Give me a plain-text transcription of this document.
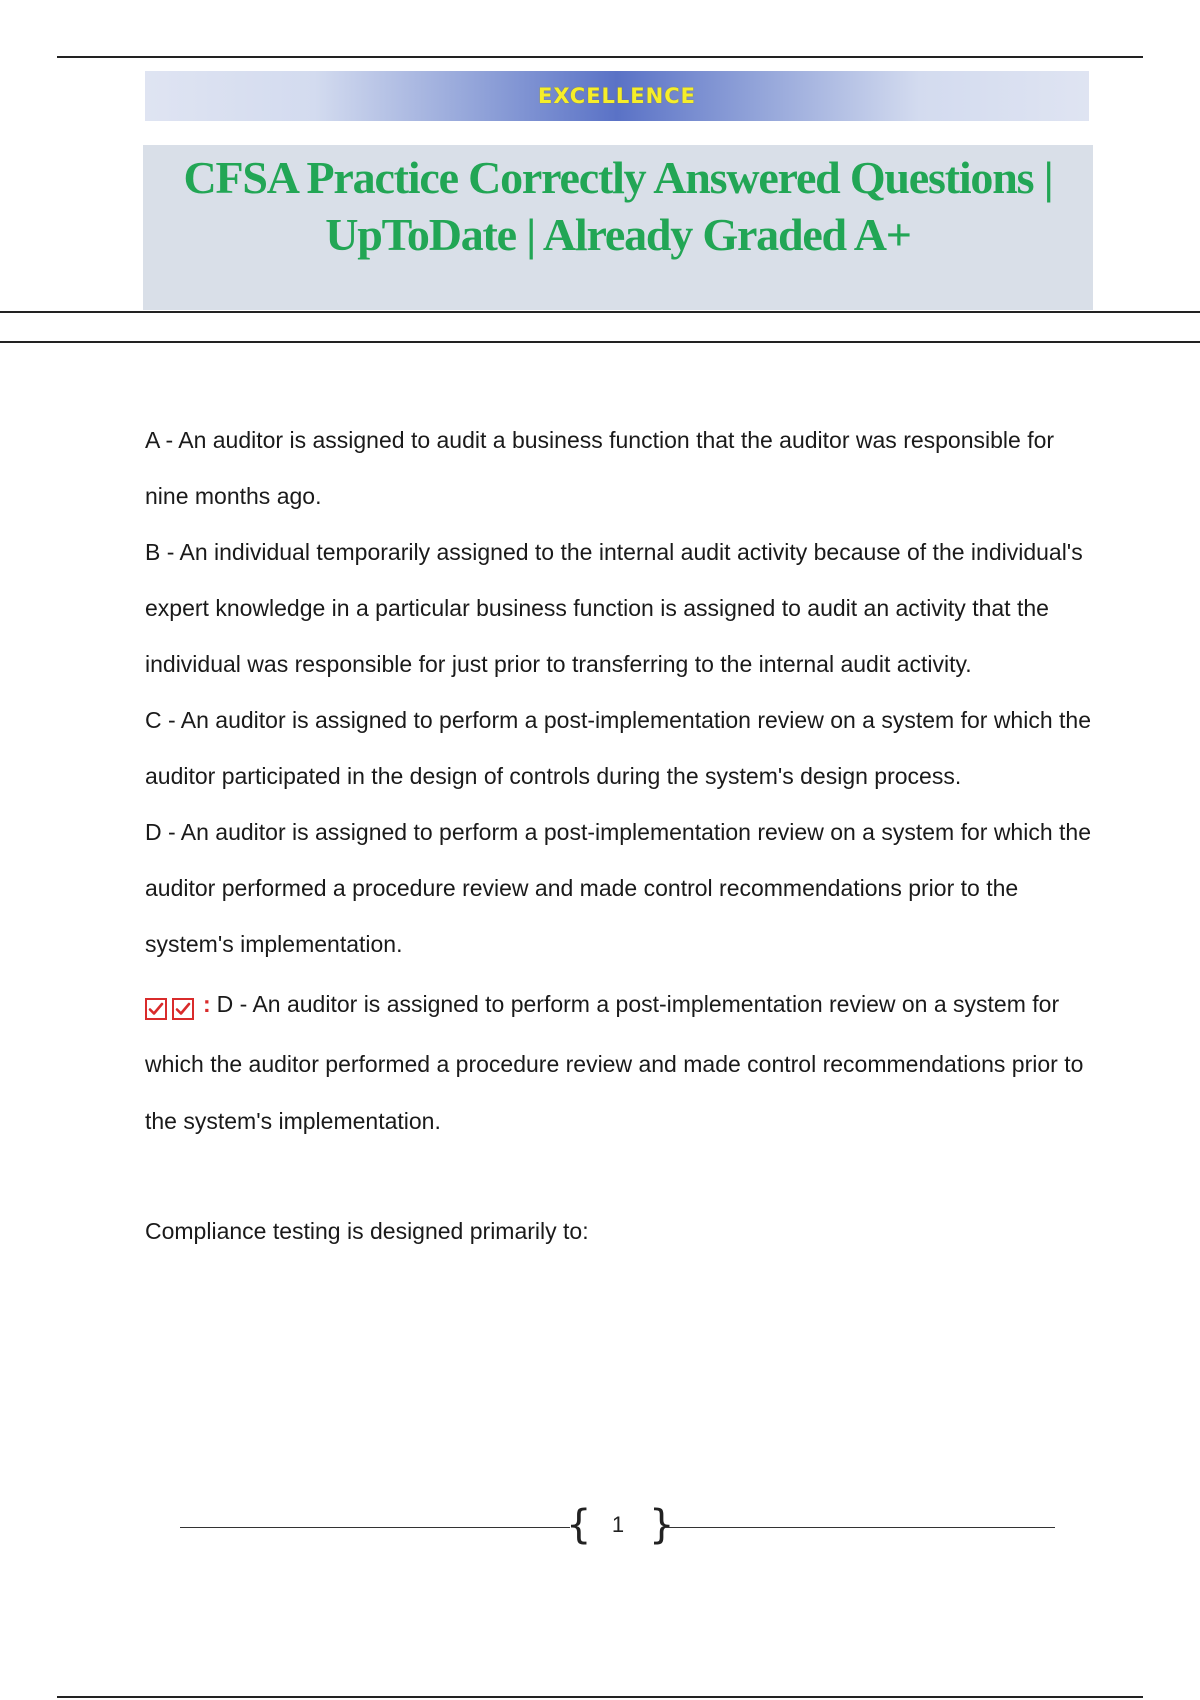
EXCELLENCE
CFSA Practice Correctly Answered Questions |
UpToDate | Already Graded A+

A - An auditor is assigned to audit a business function that the auditor was responsible for nine months ago.

B - An individual temporarily assigned to the internal audit activity because of the individual's expert knowledge in a particular business function is assigned to audit an activity that the individual was responsible for just prior to transferring to the internal audit activity.

C - An auditor is assigned to perform a post-implementation review on a system for which the auditor participated in the design of controls during the system's design process.

D - An auditor is assigned to perform a post-implementation review on a system for which the auditor performed a procedure review and made control recommendations prior to the system's implementation.

: D - An auditor is assigned to perform a post-implementation review on a system for which the auditor performed a procedure review and made control recommendations prior to the system's implementation.

Compliance testing is designed primarily to:

{ 1 }
